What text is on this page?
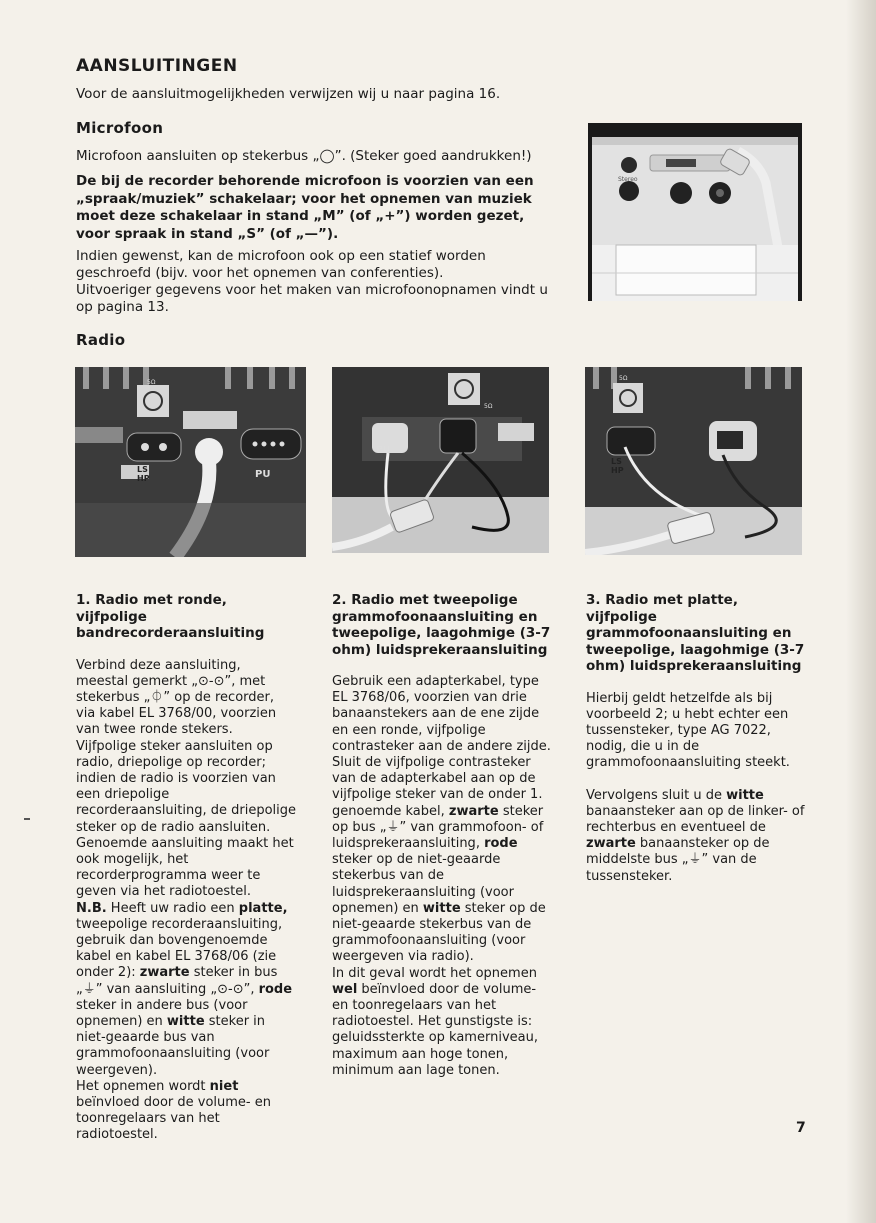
AANSLUITINGEN

Voor de aansluitmogelijkheden verwijzen wij u naar pagina 16.

Microfoon

Microfoon aansluiten op stekerbus „◯”. (Steker goed aandrukken!)

De bij de recorder behorende microfoon is voorzien van een „spraak/muziek” schakelaar; voor het opnemen van muziek moet deze schakelaar in stand „M” (of „+”) worden gezet, voor spraak in stand „S” (of „—”).

Indien gewenst, kan de microfoon ook op een statief worden geschroefd (bijv. voor het opnemen van conferenties).
Uitvoeriger gegevens voor het maken van microfoonopnamen vindt u op pagina 13.
Stereo
Radio
5Ω
LS
HP	PU
5Ω
PU
5Ω
LS
HP
1. Radio met ronde, vijfpolige bandrecorderaansluiting

Verbind deze aansluiting, meestal gemerkt „⊙-⊙”, met stekerbus „⏀” op de recorder, via kabel EL 3768/00, voorzien van twee ronde stekers.

Vijfpolige steker aansluiten op radio, driepolige op recorder; indien de radio is voorzien van een driepolige recorderaansluiting, de driepolige steker op de radio aansluiten.

Genoemde aansluiting maakt het ook mogelijk, het recorderprogramma weer te geven via het radiotoestel.

N.B. Heeft uw radio een platte, tweepolige recorderaansluiting, gebruik dan bovengenoemde kabel en kabel EL 3768/06 (zie onder 2): zwarte steker in bus „⏚” van aansluiting „⊙-⊙”, rode steker in andere bus (voor opnemen) en witte steker in niet-geaarde bus van grammofoonaansluiting (voor weergeven).

Het opnemen wordt niet beïnvloed door de volume- en toonregelaars van het radiotoestel.

2. Radio met tweepolige grammofoonaansluiting en tweepolige, laagohmige (3-7 ohm) luidsprekeraansluiting

Gebruik een adapterkabel, type EL 3768/06, voorzien van drie banaanstekers aan de ene zijde en een ronde, vijfpolige contrasteker aan de andere zijde.

Sluit de vijfpolige contrasteker van de adapterkabel aan op de vijfpolige steker van de onder 1. genoemde kabel, zwarte steker op bus „⏚” van grammofoon- of luidsprekeraansluiting, rode steker op de niet-geaarde stekerbus van de luidsprekeraansluiting (voor opnemen) en witte steker op de niet-geaarde stekerbus van de grammofoonaansluiting (voor weergeven via radio).

In dit geval wordt het opnemen wel beïnvloed door de volume- en toonregelaars van het radiotoestel. Het gunstigste is: geluidssterkte op kamerniveau, maximum aan hoge tonen, minimum aan lage tonen.

3. Radio met platte, vijfpolige grammofoonaansluiting en tweepolige, laagohmige (3-7 ohm) luidsprekeraansluiting

Hierbij geldt hetzelfde als bij voorbeeld 2; u hebt echter een tussensteker, type AG 7022, nodig, die u in de grammofoonaansluiting steekt.

Vervolgens sluit u de witte banaansteker aan op de linker- of rechterbus en eventueel de zwarte banaansteker op de middelste bus „⏚” van de tussensteker.

7
